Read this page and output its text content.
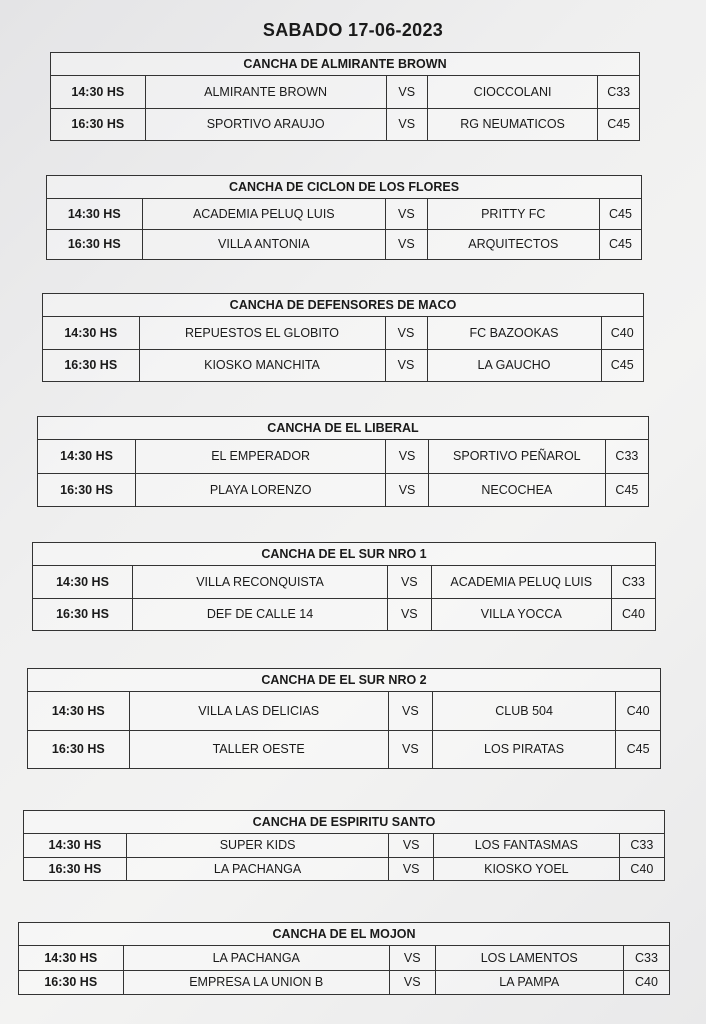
SABADO 17-06-2023
CANCHA DE ALMIRANTE BROWN
14:30 HS	ALMIRANTE BROWN	VS	CIOCCOLANI	C33
16:30 HS	SPORTIVO ARAUJO	VS	RG NEUMATICOS	C45
CANCHA DE CICLON DE LOS FLORES
14:30 HS	ACADEMIA PELUQ LUIS	VS	PRITTY FC	C45
16:30 HS	VILLA ANTONIA	VS	ARQUITECTOS	C45
CANCHA DE DEFENSORES DE MACO
14:30 HS	REPUESTOS EL GLOBITO	VS	FC BAZOOKAS	C40
16:30 HS	KIOSKO MANCHITA	VS	LA GAUCHO	C45
CANCHA DE EL LIBERAL
14:30 HS	EL EMPERADOR	VS	SPORTIVO PEÑAROL	C33
16:30 HS	PLAYA LORENZO	VS	NECOCHEA	C45
CANCHA DE EL SUR NRO 1
14:30 HS	VILLA RECONQUISTA	VS	ACADEMIA PELUQ LUIS	C33
16:30 HS	DEF DE CALLE 14	VS	VILLA YOCCA	C40
CANCHA DE EL SUR NRO 2
14:30 HS	VILLA LAS DELICIAS	VS	CLUB 504	C40
16:30 HS	TALLER OESTE	VS	LOS PIRATAS	C45
CANCHA DE ESPIRITU SANTO
14:30 HS	SUPER KIDS	VS	LOS FANTASMAS	C33
16:30 HS	LA PACHANGA	VS	KIOSKO YOEL	C40
CANCHA DE EL MOJON
14:30 HS	LA PACHANGA	VS	LOS LAMENTOS	C33
16:30 HS	EMPRESA LA UNION B	VS	LA PAMPA	C40
